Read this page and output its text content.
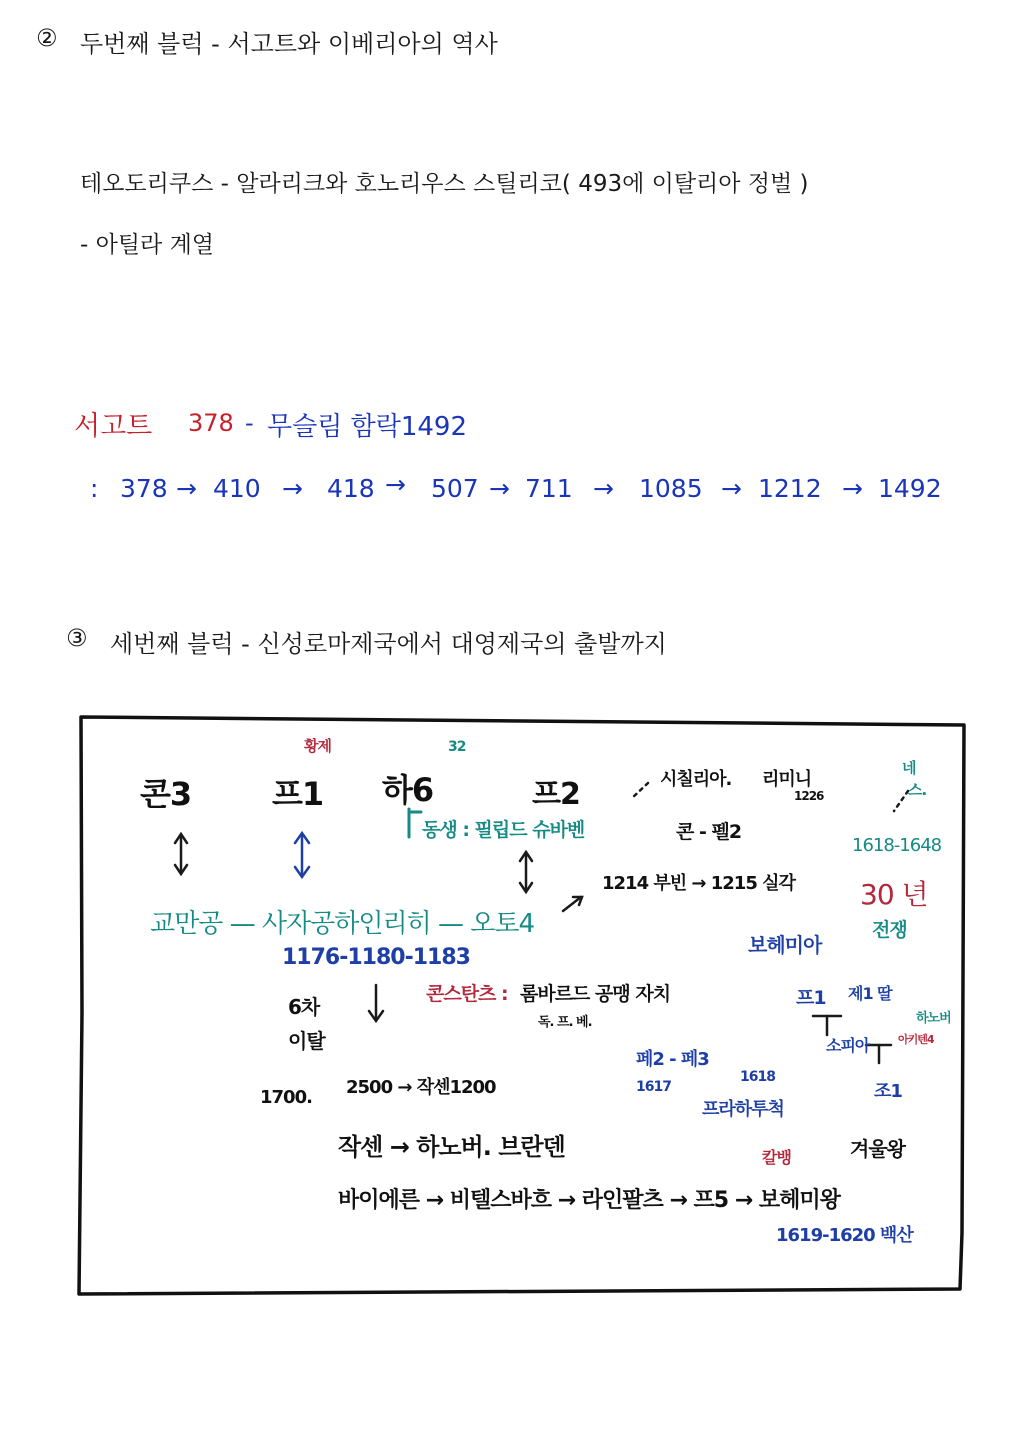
② 두번째 블럭 - 서고트와 이베리아의 역사
테오도리쿠스 - 알라리크와 호노리우스 스틸리코( 493에 이탈리아 정벌 )
- 아틸라 계열
서고트 378 - 무슬림 함락1492
: 378 → 410 → 418 → 507 → 711 → 1085 → 1212 → 1492
③ 세번째 블럭 - 신성로마제국에서 대영제국의 출발까지
콘3	프1
황제
하6
32
프2	시칠리아. 리미니
1226
네
스.
동생 : 필립드 슈바벤	콘 - 펠2
1618-1648
1214 부빈 → 1215 실각 30 년
전쟁
교만공 — 사자공하인리히 — 오토4
보헤미아
1176-1180-1183
6차
이탈
콘스탄츠 : 롬바르드 공맹 자치
독. 프. 베.
프1 제1 딸
하노버
소피아	아키텐4
페2 - 페3
1617
1618
프라하투척
조1
1700. 2500 → 작센1200
작센 → 하노버. 브란덴	칼뱅	겨울왕
바이에른 → 비텔스바흐 → 라인팔츠 → 프5 → 보헤미왕
1619-1620 백산
